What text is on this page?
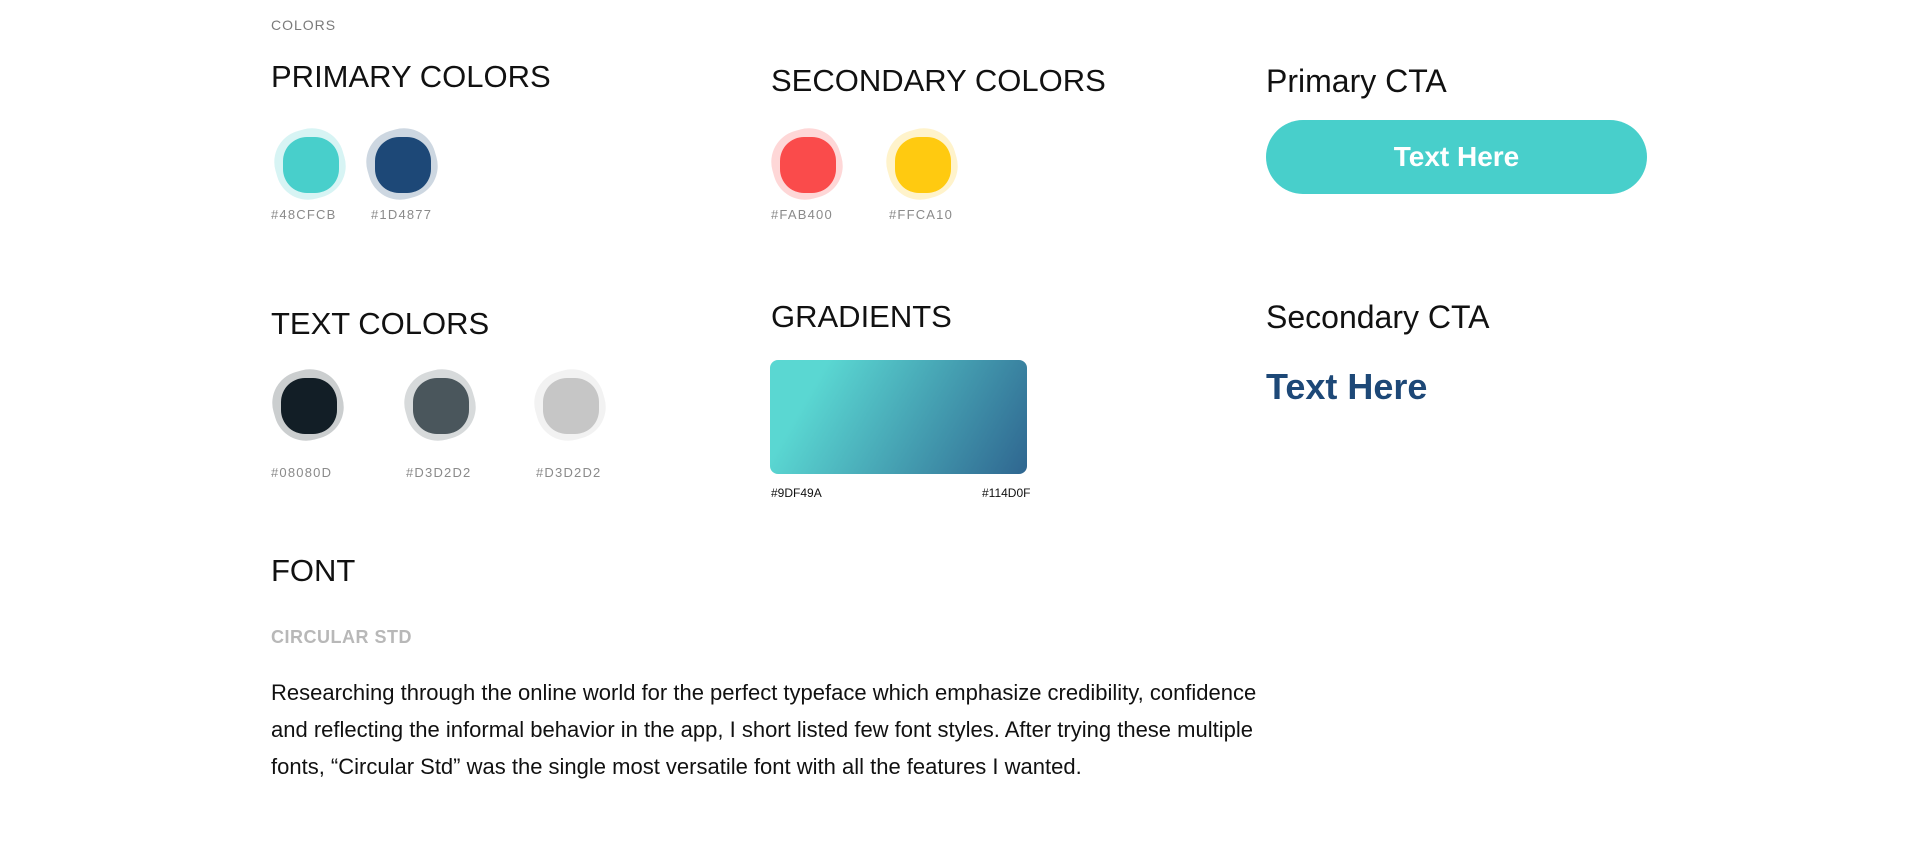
COLORS
PRIMARY COLORS
#48CFCB	#1D4877
SECONDARY COLORS
#FAB400	#FFCA10
Primary CTA
Text Here
TEXT COLORS
#08080D	#D3D2D2	#D3D2D2
GRADIENTS
#9DF49A	#114D0F
Secondary CTA
Text Here
FONT
CIRCULAR STD
Researching through the online world for the perfect typeface which emphasize credibility, confidence and reflecting the informal behavior in the app, I short listed few font styles. After trying these multiple fonts, “Circular Std” was the single most versatile font with all the features I wanted.
